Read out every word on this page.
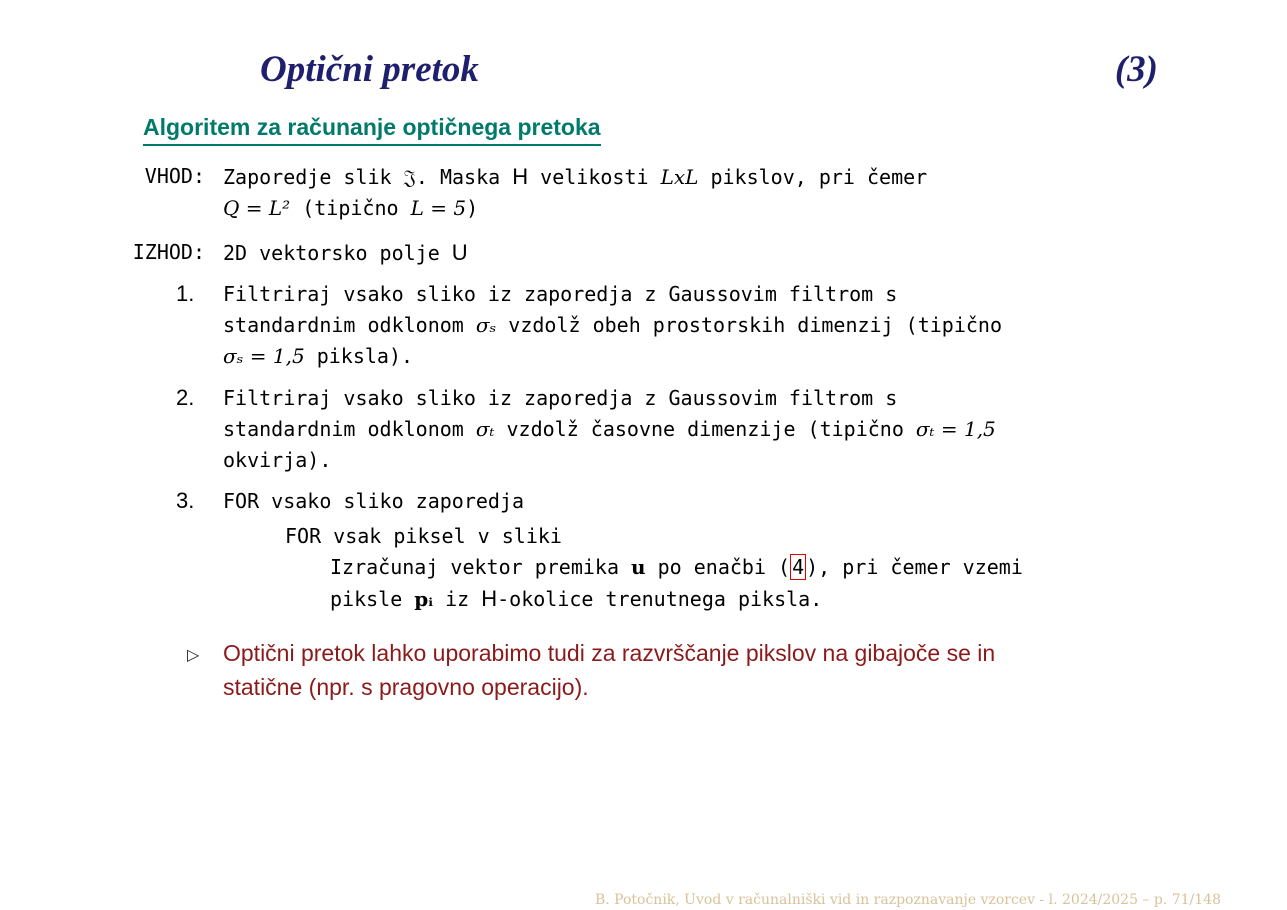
Optični pretok	(3)
Algoritem za računanje optičnega pretoka
VHOD: Zaporedje slik 𝔍. Maska H velikosti LxL pikslov, pri čemer
Q = L² (tipično L = 5)
IZHOD: 2D vektorsko polje U
1.	Filtriraj vsako sliko iz zaporedja z Gaussovim filtrom s
standardnim odklonom σₛ vzdolž obeh prostorskih dimenzij (tipično
σₛ = 1,5 piksla).
2.	Filtriraj vsako sliko iz zaporedja z Gaussovim filtrom s
standardnim odklonom σₜ vzdolž časovne dimenzije (tipično σₜ = 1,5
okvirja).
3.	FOR vsako sliko zaporedja
FOR vsak piksel v sliki
Izračunaj vektor premika u po enačbi ( 4 ), pri čemer vzemi
piksle pᵢ iz H-okolice trenutnega piksla.
▷ Optični pretok lahko uporabimo tudi za razvrščanje pikslov na gibajoče se in
statične (npr. s pragovno operacijo).
B. Potočnik, Uvod v računalniški vid in razpoznavanje vzorcev - l. 2024/2025 – p. 71/148
